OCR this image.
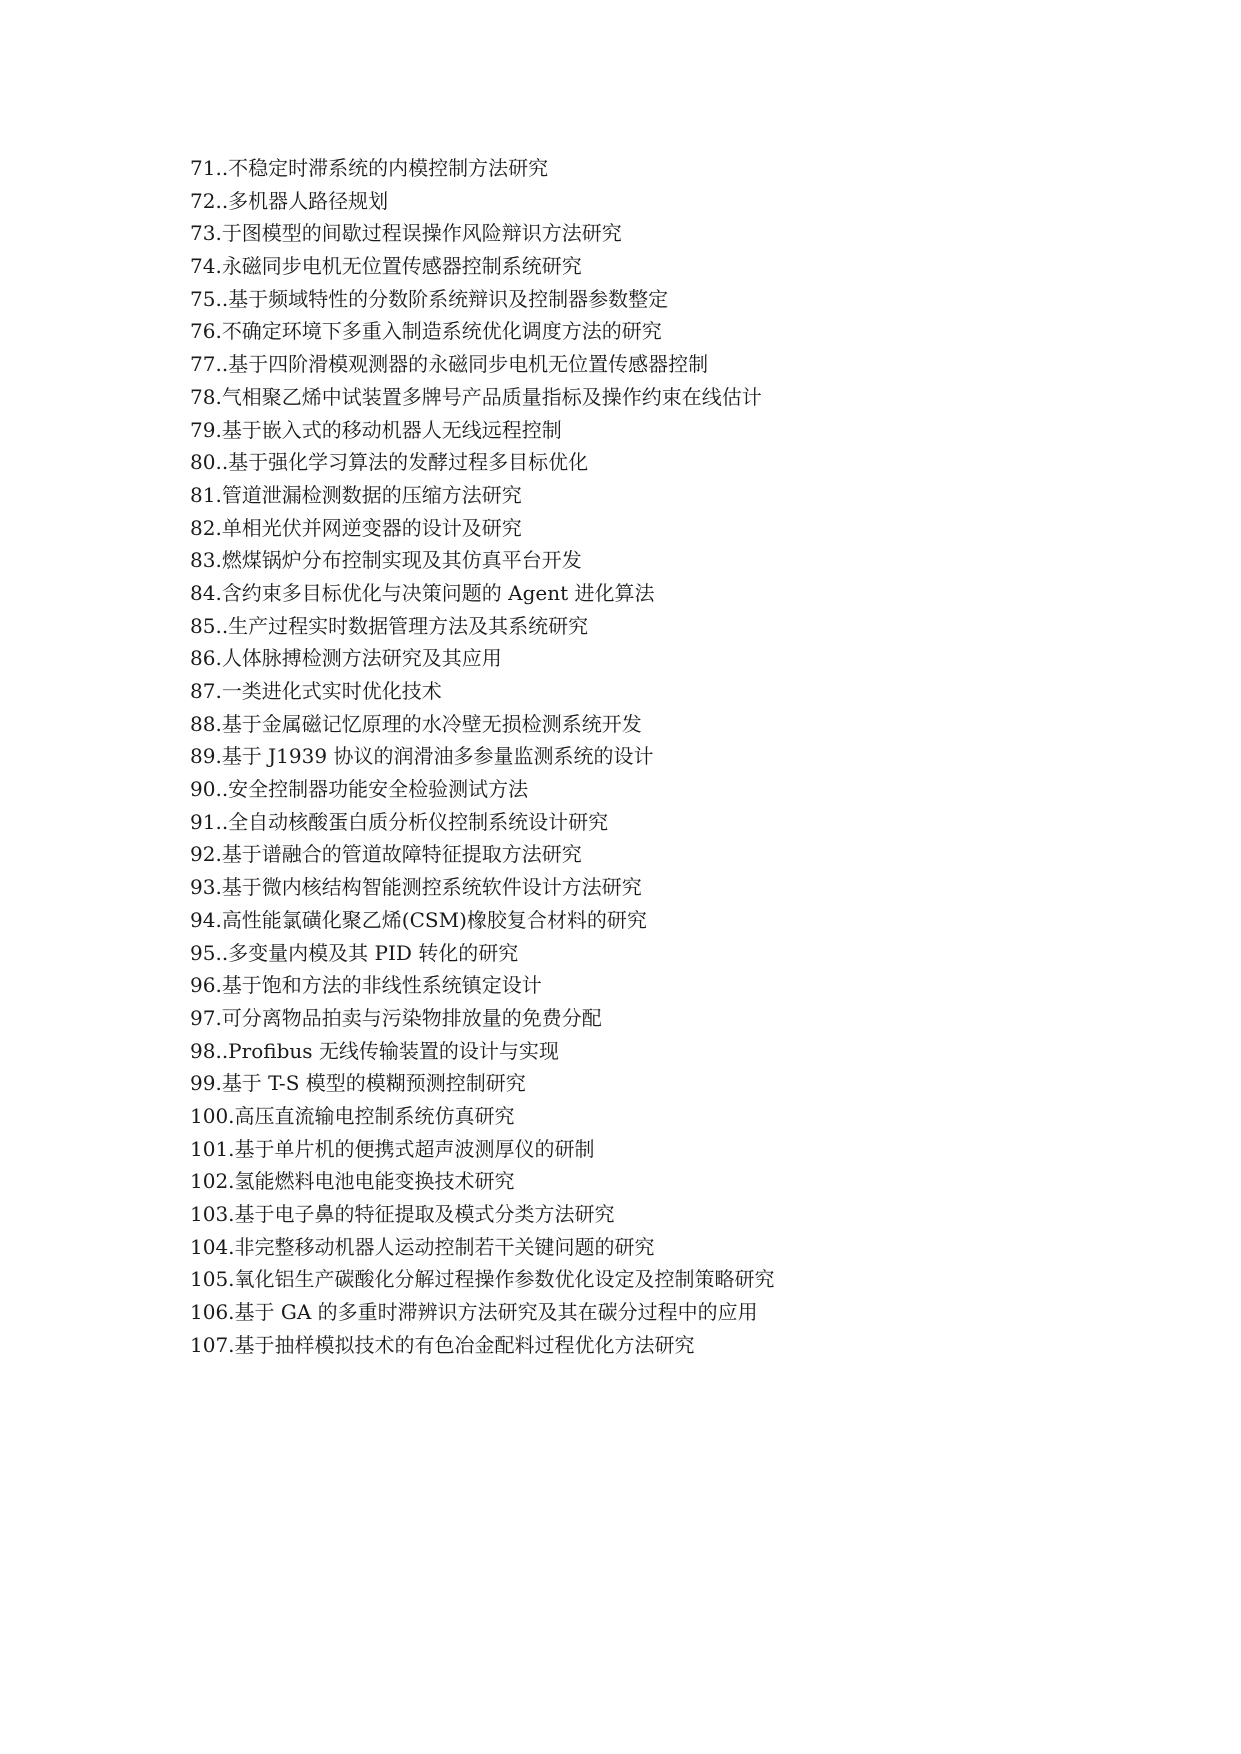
71..不稳定时滞系统的内模控制方法研究
72..多机器人路径规划
73.于图模型的间歇过程误操作风险辩识方法研究
74.永磁同步电机无位置传感器控制系统研究
75..基于频域特性的分数阶系统辩识及控制器参数整定
76.不确定环境下多重入制造系统优化调度方法的研究
77..基于四阶滑模观测器的永磁同步电机无位置传感器控制
78.气相聚乙烯中试装置多牌号产品质量指标及操作约束在线估计
79.基于嵌入式的移动机器人无线远程控制
80..基于强化学习算法的发酵过程多目标优化
81.管道泄漏检测数据的压缩方法研究
82.单相光伏并网逆变器的设计及研究
83.燃煤锅炉分布控制实现及其仿真平台开发
84.含约束多目标优化与决策问题的 Agent 进化算法
85..生产过程实时数据管理方法及其系统研究
86.人体脉搏检测方法研究及其应用
87.一类进化式实时优化技术
88.基于金属磁记忆原理的水冷壁无损检测系统开发
89.基于 J1939 协议的润滑油多参量监测系统的设计
90..安全控制器功能安全检验测试方法
91..全自动核酸蛋白质分析仪控制系统设计研究
92.基于谱融合的管道故障特征提取方法研究
93.基于微内核结构智能测控系统软件设计方法研究
94.高性能氯磺化聚乙烯(CSM)橡胶复合材料的研究
95..多变量内模及其 PID 转化的研究
96.基于饱和方法的非线性系统镇定设计
97.可分离物品拍卖与污染物排放量的免费分配
98..Profibus 无线传输装置的设计与实现
99.基于 T-S 模型的模糊预测控制研究
100.高压直流输电控制系统仿真研究
101.基于单片机的便携式超声波测厚仪的研制
102.氢能燃料电池电能变换技术研究
103.基于电子鼻的特征提取及模式分类方法研究
104.非完整移动机器人运动控制若干关键问题的研究
105.氧化铝生产碳酸化分解过程操作参数优化设定及控制策略研究
106.基于 GA 的多重时滞辨识方法研究及其在碳分过程中的应用
107.基于抽样模拟技术的有色冶金配料过程优化方法研究
